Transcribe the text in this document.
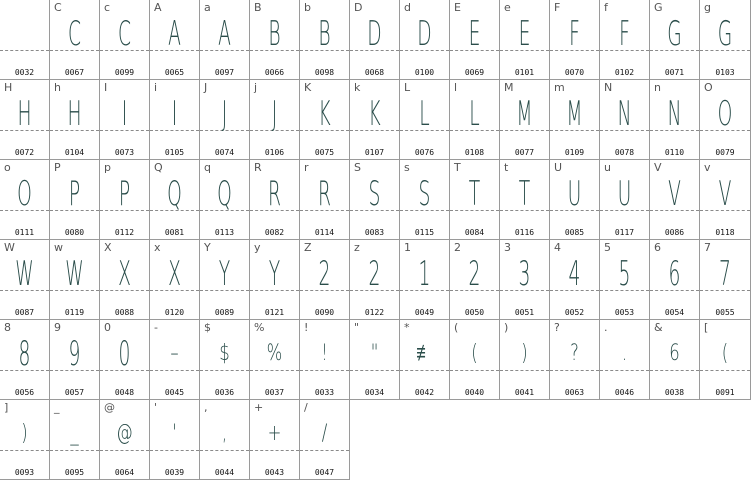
0032
C
C
0067
c
C
0099
A
A
0065
a
A
0097
B
B
0066
b
B
0098
D
D
0068
d
D
0100
E
E
0069
e
E
0101
F
F
0070
f
F
0102
G
G
0071
g
G
0103
H
H
0072
h
H
0104
I
I
0073
i
I
0105
J
J
0074
j
J
0106
K
K
0075
k
K
0107
L
L
0076
l
L
0108
M
M
0077
m
M
0109
N
N
0078
n
N
0110
O
O
0079
o
O
0111
P
P
0080
p
P
0112
Q
Q
0081
q
Q
0113
R
R
0082
r
R
0114
S
S
0083
s
S
0115
T
T
0084
t
T
0116
U
U
0085
u
U
0117
V
V
0086
v
V
0118
W
W
0087
w
W
0119
X
X
0088
x
X
0120
Y
Y
0089
y
Y
0121
Z
2
0090
z
2
0122
1
1
0049
2
2
0050
3
3
0051
4
4
0052
5
5
0053
6
6
0054
7
7
0055
8
8
0056
9
9
0057
0
0
0048
-
–
0045
$
$
0036
%
%
0037
!
!
0033
"
"
0034
*
≢
0042
(
(
0040
)
)
0041
?
?
0063
.
.
0046
&
6
0038
[
(
0091
]
)
0093
_
_
0095
@
@
0064
'
'
0039
,
,
0044
+
+
0043
/
/
0047
